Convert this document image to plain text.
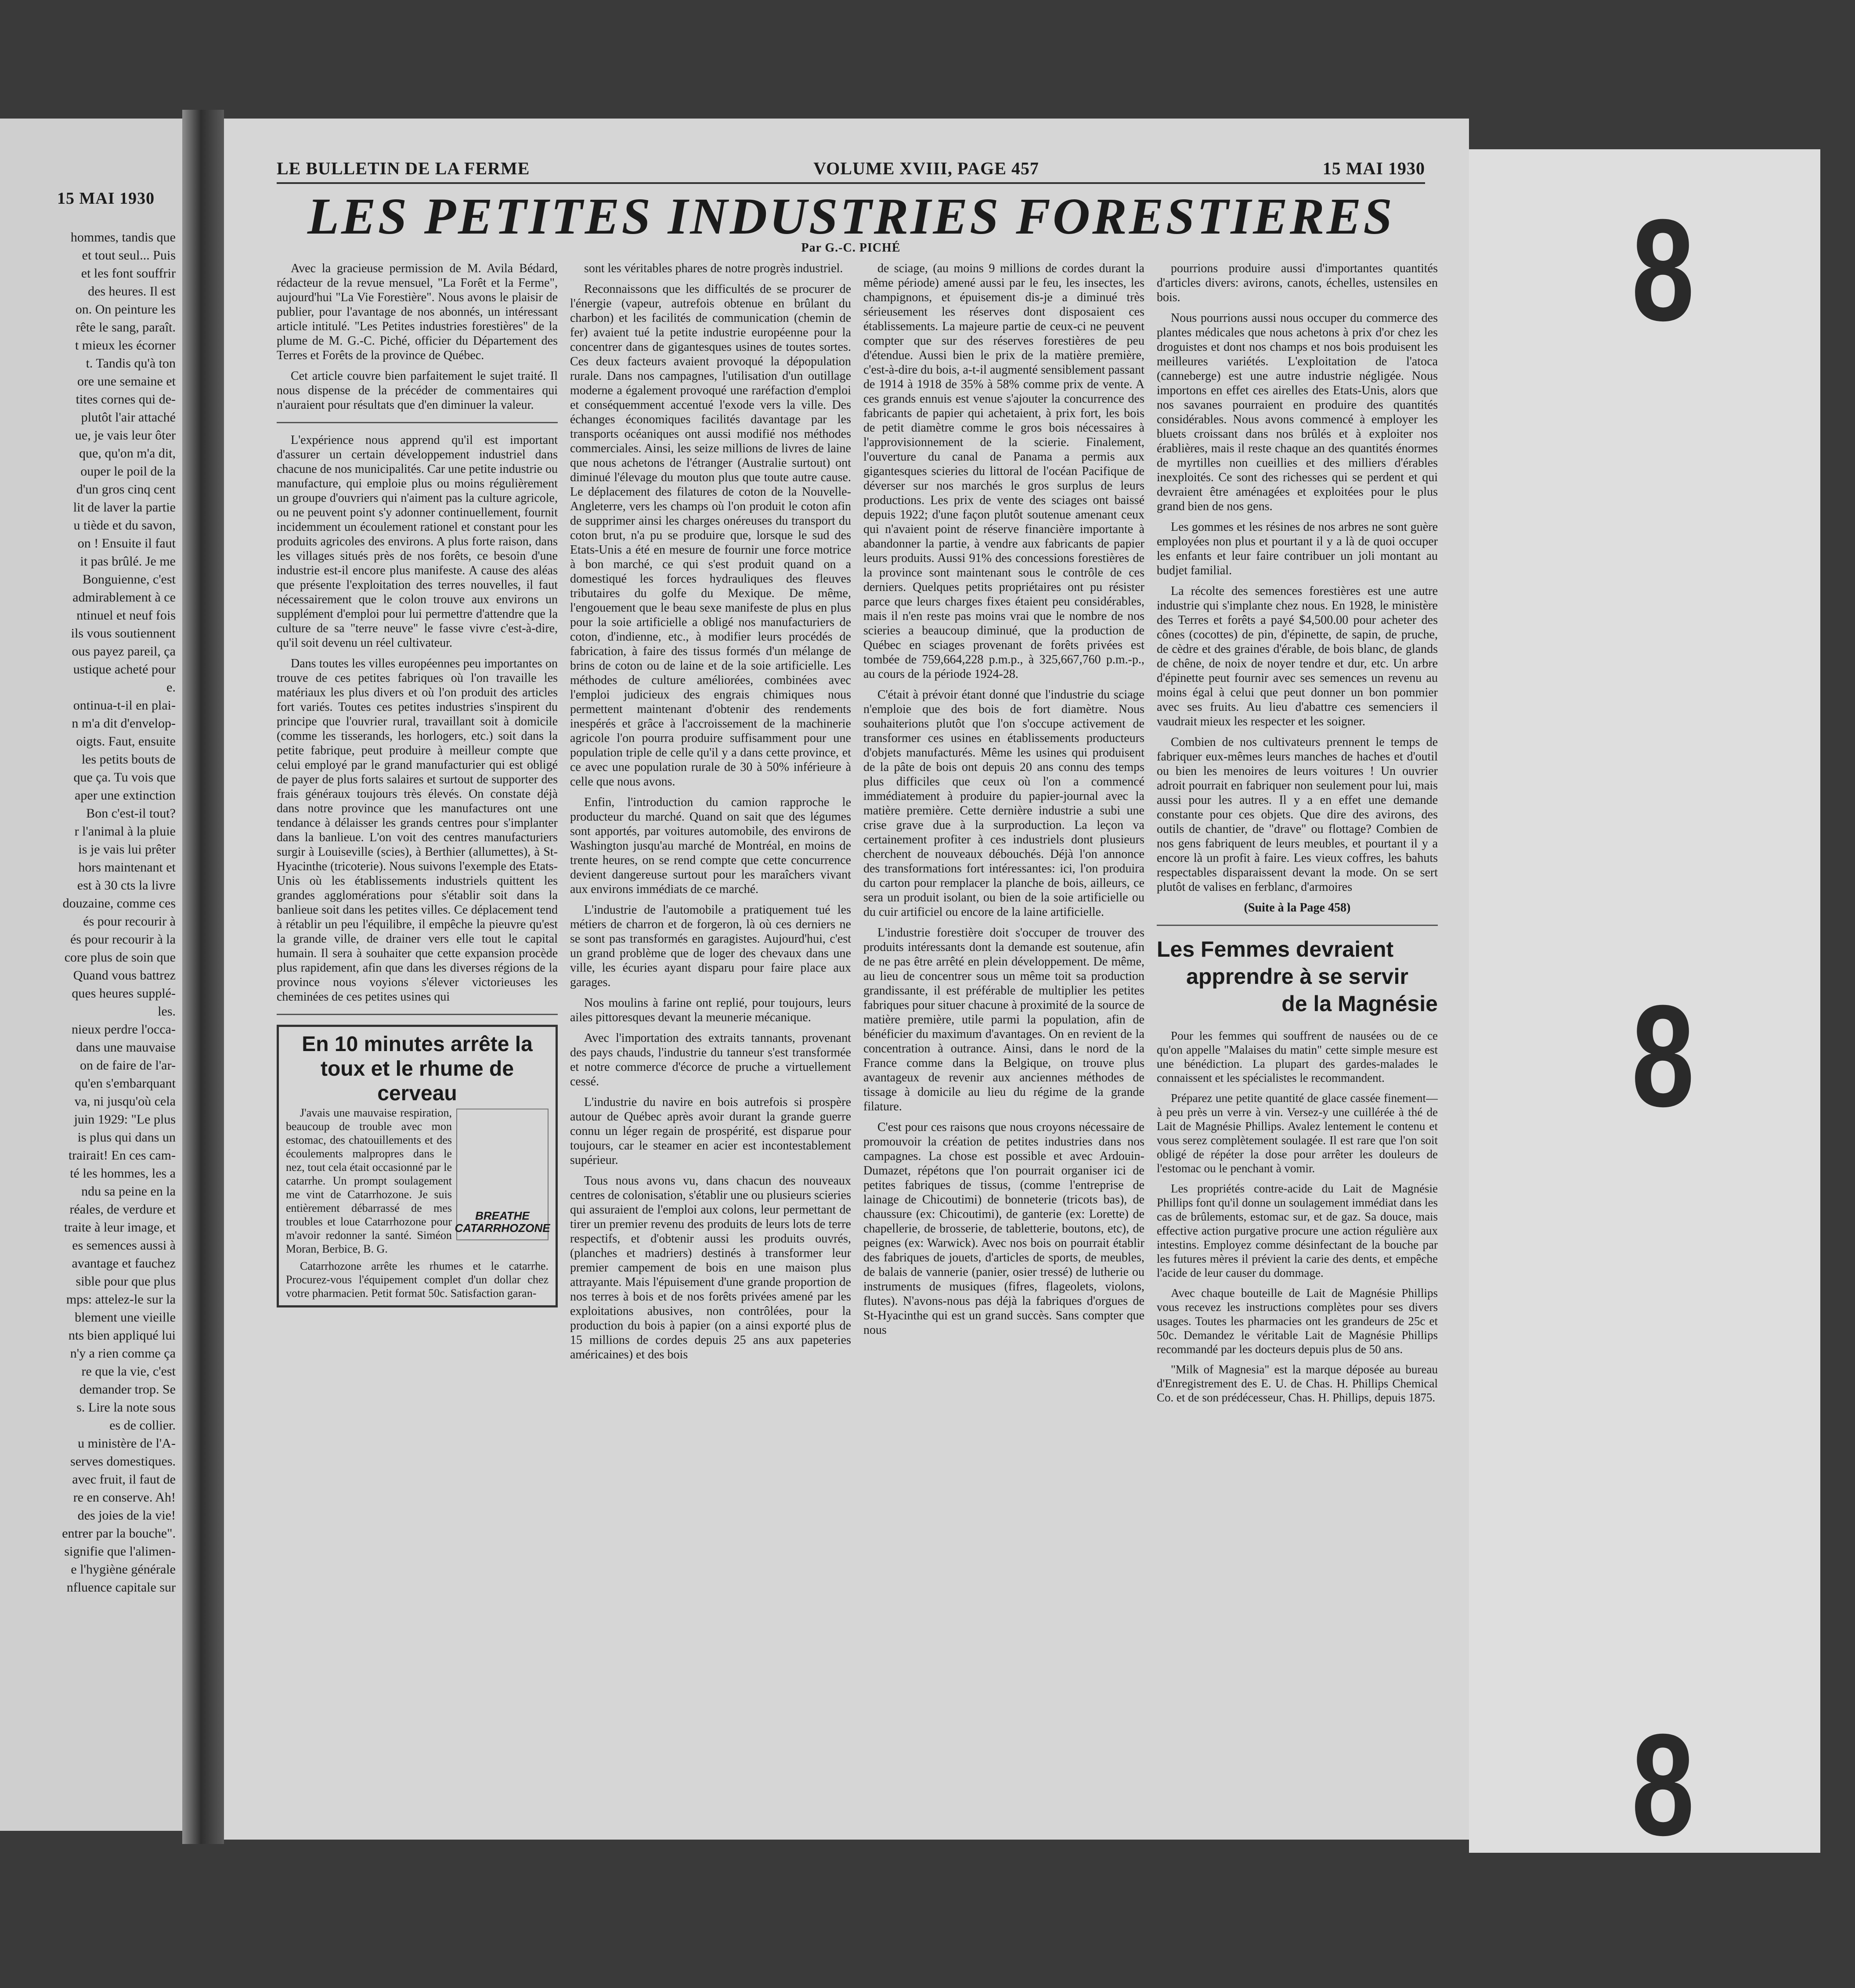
15 MAI 1930
hommes, tandis que
et tout seul... Puis
et les font souffrir
des heures. Il est
on. On peinture les
rête le sang, paraît.
t mieux les écorner
t. Tandis qu'à ton
ore une semaine et
tites cornes qui de-
plutôt l'air attaché
ue, je vais leur ôter
que, qu'on m'a dit,
ouper le poil de la
d'un gros cinq cent
lit de laver la partie
u tiède et du savon,
on ! Ensuite il faut
it pas brûlé. Je me
Bonguienne, c'est
admirablement à ce
ntinuel et neuf fois
ils vous soutiennent
ous payez pareil, ça
ustique acheté pour
e.
ontinua-t-il en plai-
n m'a dit d'envelop-
oigts. Faut, ensuite
les petits bouts de
que ça. Tu vois que
aper une extinction
Bon c'est-il tout?
r l'animal à la pluie
is je vais lui prêter
hors maintenant et
est à 30 cts la livre
douzaine, comme ces
és pour recourir à
és pour recourir à la
core plus de soin que
Quand vous battrez
ques heures supplé-
les.
nieux perdre l'occa-
dans une mauvaise
on de faire de l'ar-
qu'en s'embarquant
va, ni jusqu'où cela
juin 1929: "Le plus
is plus qui dans un
trairait! En ces cam-
té les hommes, les a
ndu sa peine en la
réales, de verdure et
traite à leur image, et
es semences aussi à
avantage et fauchez
sible pour que plus
mps: attelez-le sur la
blement une vieille
nts bien appliqué lui
n'y a rien comme ça
re que la vie, c'est
demander trop. Se
s. Lire la note sous
es de collier.
u ministère de l'A-
serves domestiques.
avec fruit, il faut de
re en conserve. Ah!
des joies de la vie!
entrer par la bouche".
signifie que l'alimen-
e l'hygiène générale
nfluence capitale sur
8
8
8
LE BULLETIN DE LA FERME	VOLUME XVIII, PAGE 457	15 MAI 1930
LES PETITES INDUSTRIES FORESTIERES
Par G.-C. PICHÉ

Avec la gracieuse permission de M. Avila Bédard, rédacteur de la revue mensuel, "La Forêt et la Ferme", aujourd'hui "La Vie Forestière". Nous avons le plaisir de publier, pour l'avantage de nos abonnés, un intéressant article intitulé. "Les Petites industries forestières" de la plume de M. G.-C. Piché, officier du Département des Terres et Forêts de la province de Québec.

Cet article couvre bien parfaitement le sujet traité. Il nous dispense de la précéder de commentaires qui n'auraient pour résultats que d'en diminuer la valeur.

L'expérience nous apprend qu'il est important d'assurer un certain développement industriel dans chacune de nos municipalités. Car une petite industrie ou manufacture, qui emploie plus ou moins régulièrement un groupe d'ouvriers qui n'aiment pas la culture agricole, ou ne peuvent point s'y adonner continuellement, fournit incidemment un écoulement rationel et constant pour les produits agricoles des environs. A plus forte raison, dans les villages situés près de nos forêts, ce besoin d'une industrie est-il encore plus manifeste. A cause des aléas que présente l'exploitation des terres nouvelles, il faut nécessairement que le colon trouve aux environs un supplément d'emploi pour lui permettre d'attendre que la culture de sa "terre neuve" le fasse vivre c'est-à-dire, qu'il soit devenu un réel cultivateur.

Dans toutes les villes européennes peu importantes on trouve de ces petites fabriques où l'on travaille les matériaux les plus divers et où l'on produit des articles fort variés. Toutes ces petites industries s'inspirent du principe que l'ouvrier rural, travaillant soit à domicile (comme les tisserands, les horlogers, etc.) soit dans la petite fabrique, peut produire à meilleur compte que celui employé par le grand manufacturier qui est obligé de payer de plus forts salaires et surtout de supporter des frais généraux toujours très élevés. On constate déjà dans notre province que les manufactures ont une tendance à délaisser les grands centres pour s'implanter dans la banlieue. L'on voit des centres manufacturiers surgir à Louiseville (scies), à Berthier (allumettes), à St-Hyacinthe (tricoterie). Nous suivons l'exemple des Etats-Unis où les établissements industriels quittent les grandes agglomérations pour s'établir soit dans la banlieue soit dans les petites villes. Ce déplacement tend à rétablir un peu l'équilibre, il empêche la pieuvre qu'est la grande ville, de drainer vers elle tout le capital humain. Il sera à souhaiter que cette expansion procède plus rapidement, afin que dans les diverses régions de la province nous voyions s'élever victorieuses les cheminées de ces petites usines qui

En 10 minutes arrête la toux et le rhume de cerveau
BREATHE CATARRHOZONE

J'avais une mauvaise respiration, beaucoup de trouble avec mon estomac, des chatouillements et des écoulements malpropres dans le nez, tout cela était occasionné par le catarrhe. Un prompt soulagement me vint de Catarrhozone. Je suis entièrement débarrassé de mes troubles et loue Catarrhozone pour m'avoir redonner la santé. Siméon Moran, Berbice, B. G.

Catarrhozone arrête les rhumes et le catarrhe. Procurez-vous l'équipement complet d'un dollar chez votre pharmacien. Petit format 50c. Satisfaction garan-

sont les véritables phares de notre progrès industriel.

Reconnaissons que les difficultés de se procurer de l'énergie (vapeur, autrefois obtenue en brûlant du charbon) et les facilités de communication (chemin de fer) avaient tué la petite industrie européenne pour la concentrer dans de gigantesques usines de toutes sortes. Ces deux facteurs avaient provoqué la dépopulation rurale. Dans nos campagnes, l'utilisation d'un outillage moderne a également provoqué une raréfaction d'emploi et conséquemment accentué l'exode vers la ville. Des échanges économiques facilités davantage par les transports océaniques ont aussi modifié nos méthodes commerciales. Ainsi, les seize millions de livres de laine que nous achetons de l'étranger (Australie surtout) ont diminué l'élevage du mouton plus que toute autre cause. Le déplacement des filatures de coton de la Nouvelle-Angleterre, vers les champs où l'on produit le coton afin de supprimer ainsi les charges onéreuses du transport du coton brut, n'a pu se produire que, lorsque le sud des Etats-Unis a été en mesure de fournir une force motrice à bon marché, ce qui s'est produit quand on a domestiqué les forces hydrauliques des fleuves tributaires du golfe du Mexique. De même, l'engouement que le beau sexe manifeste de plus en plus pour la soie artificielle a obligé nos manufacturiers de coton, d'indienne, etc., à modifier leurs procédés de fabrication, à faire des tissus formés d'un mélange de brins de coton ou de laine et de la soie artificielle. Les méthodes de culture améliorées, combinées avec l'emploi judicieux des engrais chimiques nous permettent maintenant d'obtenir des rendements inespérés et grâce à l'accroissement de la machinerie agricole l'on pourra produire suffisamment pour une population triple de celle qu'il y a dans cette province, et ce avec une population rurale de 30 à 50% inférieure à celle que nous avons.

Enfin, l'introduction du camion rapproche le producteur du marché. Quand on sait que des légumes sont apportés, par voitures automobile, des environs de Washington jusqu'au marché de Montréal, en moins de trente heures, on se rend compte que cette concurrence devient dangereuse surtout pour les maraîchers vivant aux environs immédiats de ce marché.

L'industrie de l'automobile a pratiquement tué les métiers de charron et de forgeron, là où ces derniers ne se sont pas transformés en garagistes. Aujourd'hui, c'est un grand problème que de loger des chevaux dans une ville, les écuries ayant disparu pour faire place aux garages.

Nos moulins à farine ont replié, pour toujours, leurs ailes pittoresques devant la meunerie mécanique.

Avec l'importation des extraits tannants, provenant des pays chauds, l'industrie du tanneur s'est transformée et notre commerce d'écorce de pruche a virtuellement cessé.

L'industrie du navire en bois autrefois si prospère autour de Québec après avoir durant la grande guerre connu un léger regain de prospérité, est disparue pour toujours, car le steamer en acier est incontestablement supérieur.

Tous nous avons vu, dans chacun des nouveaux centres de colonisation, s'établir une ou plusieurs scieries qui assuraient de l'emploi aux colons, leur permettant de tirer un premier revenu des produits de leurs lots de terre respectifs, et d'obtenir aussi les produits ouvrés, (planches et madriers) destinés à transformer leur premier campement de bois en une maison plus attrayante. Mais l'épuisement d'une grande proportion de nos terres à bois et de nos forêts privées amené par les exploitations abusives, non contrôlées, pour la production du bois à papier (on a ainsi exporté plus de 15 millions de cordes depuis 25 ans aux papeteries américaines) et des bois

de sciage, (au moins 9 millions de cordes durant la même période) amené aussi par le feu, les insectes, les champignons, et épuisement dis-je a diminué très sérieusement les réserves dont disposaient ces établissements. La majeure partie de ceux-ci ne peuvent compter que sur des réserves forestières de peu d'étendue. Aussi bien le prix de la matière première, c'est-à-dire du bois, a-t-il augmenté sensiblement passant de 1914 à 1918 de 35% à 58% comme prix de vente. A ces grands ennuis est venue s'ajouter la concurrence des fabricants de papier qui achetaient, à prix fort, les bois de petit diamètre comme le gros bois nécessaires à l'approvisionnement de la scierie. Finalement, l'ouverture du canal de Panama a permis aux gigantesques scieries du littoral de l'océan Pacifique de déverser sur nos marchés le gros surplus de leurs productions. Les prix de vente des sciages ont baissé depuis 1922; d'une façon plutôt soutenue amenant ceux qui n'avaient point de réserve financière importante à abandonner la partie, à vendre aux fabricants de papier leurs produits. Aussi 91% des concessions forestières de la province sont maintenant sous le contrôle de ces derniers. Quelques petits propriétaires ont pu résister parce que leurs charges fixes étaient peu considérables, mais il n'en reste pas moins vrai que le nombre de nos scieries a beaucoup diminué, que la production de Québec en sciages provenant de forêts privées est tombée de 759,664,228 p.m.p., à 325,667,760 p.m.-p., au cours de la période 1924-28.

C'était à prévoir étant donné que l'industrie du sciage n'emploie que des bois de fort diamètre. Nous souhaiterions plutôt que l'on s'occupe activement de transformer ces usines en établissements producteurs d'objets manufacturés. Même les usines qui produisent de la pâte de bois ont depuis 20 ans connu des temps plus difficiles que ceux où l'on a commencé immédiatement à produire du papier-journal avec la matière première. Cette dernière industrie a subi une crise grave due à la surproduction. La leçon va certainement profiter à ces industriels dont plusieurs cherchent de nouveaux débouchés. Déjà l'on annonce des transformations fort intéressantes: ici, l'on produira du carton pour remplacer la planche de bois, ailleurs, ce sera un produit isolant, ou bien de la soie artificielle ou du cuir artificiel ou encore de la laine artificielle.

L'industrie forestière doit s'occuper de trouver des produits intéressants dont la demande est soutenue, afin de ne pas être arrêté en plein développement. De même, au lieu de concentrer sous un même toit sa production grandissante, il est préférable de multiplier les petites fabriques pour situer chacune à proximité de la source de matière première, utile parmi la population, afin de bénéficier du maximum d'avantages. On en revient de la concentration à outrance. Ainsi, dans le nord de la France comme dans la Belgique, on trouve plus avantageux de revenir aux anciennes méthodes de tissage à domicile au lieu du régime de la grande filature.

C'est pour ces raisons que nous croyons nécessaire de promouvoir la création de petites industries dans nos campagnes. La chose est possible et avec Ardouin-Dumazet, répétons que l'on pourrait organiser ici de petites fabriques de tissus, (comme l'entreprise de lainage de Chicoutimi) de bonneterie (tricots bas), de chaussure (ex: Chicoutimi), de ganterie (ex: Lorette) de chapellerie, de brosserie, de tabletterie, boutons, etc), de peignes (ex: Warwick). Avec nos bois on pourrait établir des fabriques de jouets, d'articles de sports, de meubles, de balais de vannerie (panier, osier tressé) de lutherie ou instruments de musiques (fifres, flageolets, violons, flutes). N'avons-nous pas déjà la fabriques d'orgues de St-Hyacinthe qui est un grand succès. Sans compter que nous

pourrions produire aussi d'importantes quantités d'articles divers: avirons, canots, échelles, ustensiles en bois.

Nous pourrions aussi nous occuper du commerce des plantes médicales que nous achetons à prix d'or chez les droguistes et dont nos champs et nos bois produisent les meilleures variétés. L'exploitation de l'atoca (canneberge) est une autre industrie négligée. Nous importons en effet ces airelles des Etats-Unis, alors que nos savanes pourraient en produire des quantités considérables. Nous avons commencé à employer les bluets croissant dans nos brûlés et à exploiter nos érablières, mais il reste chaque an des quantités énormes de myrtilles non cueillies et des milliers d'érables inexploités. Ce sont des richesses qui se perdent et qui devraient être aménagées et exploitées pour le plus grand bien de nos gens.

Les gommes et les résines de nos arbres ne sont guère employées non plus et pourtant il y a là de quoi occuper les enfants et leur faire contribuer un joli montant au budjet familial.

La récolte des semences forestières est une autre industrie qui s'implante chez nous. En 1928, le ministère des Terres et forêts a payé $4,500.00 pour acheter des cônes (cocottes) de pin, d'épinette, de sapin, de pruche, de cèdre et des graines d'érable, de bois blanc, de glands de chêne, de noix de noyer tendre et dur, etc. Un arbre d'épinette peut fournir avec ses semences un revenu au moins égal à celui que peut donner un bon pommier avec ses fruits. Au lieu d'abattre ces semenciers il vaudrait mieux les respecter et les soigner.

Combien de nos cultivateurs prennent le temps de fabriquer eux-mêmes leurs manches de haches et d'outil ou bien les menoires de leurs voitures ! Un ouvrier adroit pourrait en fabriquer non seulement pour lui, mais aussi pour les autres. Il y a en effet une demande constante pour ces objets. Que dire des avirons, des outils de chantier, de "drave" ou flottage? Combien de nos gens fabriquent de leurs meubles, et pourtant il y a encore là un profit à faire. Les vieux coffres, les bahuts respectables disparaissent devant la mode. On se sert plutôt de valises en ferblanc, d'armoires

(Suite à la Page 458)
Les Femmes devraient
apprendre à se servir
de la Magnésie

Pour les femmes qui souffrent de nausées ou de ce qu'on appelle "Malaises du matin" cette simple mesure est une bénédiction. La plupart des gardes-malades le connaissent et les spécialistes le recommandent.

Préparez une petite quantité de glace cassée finement—à peu près un verre à vin. Versez-y une cuillérée à thé de Lait de Magnésie Phillips. Avalez lentement le contenu et vous serez complètement soulagée. Il est rare que l'on soit obligé de répéter la dose pour arrêter les douleurs de l'estomac ou le penchant à vomir.

Les propriétés contre-acide du Lait de Magnésie Phillips font qu'il donne un soulagement immédiat dans les cas de brûlements, estomac sur, et de gaz. Sa douce, mais effective action purgative procure une action régulière aux intestins. Employez comme désinfectant de la bouche par les futures mères il prévient la carie des dents, et empêche l'acide de leur causer du dommage.

Avec chaque bouteille de Lait de Magnésie Phillips vous recevez les instructions complètes pour ses divers usages. Toutes les pharmacies ont les grandeurs de 25c et 50c. Demandez le véritable Lait de Magnésie Phillips recommandé par les docteurs depuis plus de 50 ans.

"Milk of Magnesia" est la marque déposée au bureau d'Enregistrement des E. U. de Chas. H. Phillips Chemical Co. et de son prédécesseur, Chas. H. Phillips, depuis 1875.
